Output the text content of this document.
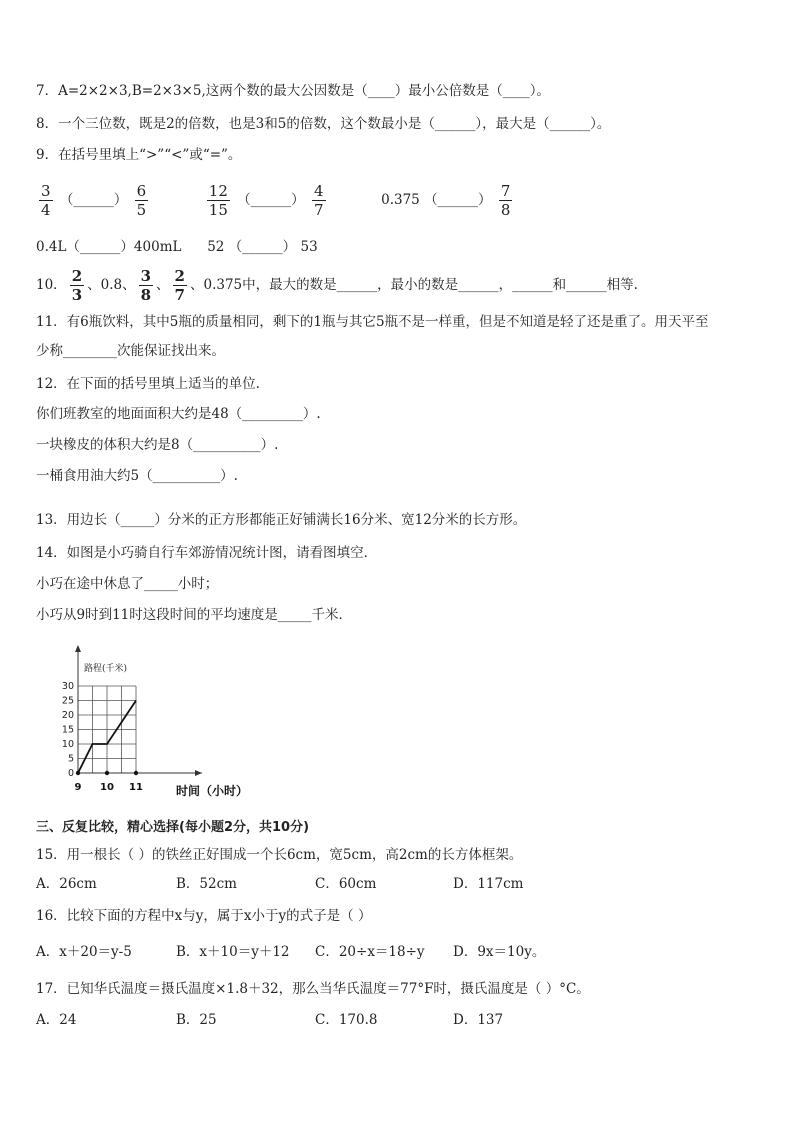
7．A=2×2×3,B=2×3×5,这两个数的最大公因数是（____）最小公倍数是（____）。
8．一个三位数，既是2的倍数，也是3和5的倍数，这个数最小是（______），最大是（______）。
9．在括号里填上“>”“<”或“=”。
$\frac{3}{4}$ （______） $\frac{6}{5}$
	$\frac{12}{15}$ （______） $\frac{4}{7}$	0.375 （______） $\frac{7}{8}$
0.4L（______）400mL      52 （______） 53
10． $\frac{2}{3}$ 、0.8、 $\frac{3}{8}$ 、 $\frac{2}{7}$ 、0.375中，最大的数是______，最小的数是______，______和______相等.
11．有6瓶饮料，其中5瓶的质量相同，剩下的1瓶与其它5瓶不是一样重，但是不知道是轻了还是重了。用天平至
少称________次能保证找出来。
12．在下面的括号里填上适当的单位.
你们班教室的地面面积大约是48（_________）.
一块橡皮的体积大约是8（__________）.
一桶食用油大约5（__________）.
13．用边长（_____）分米的正方形都能正好铺满长16分米、宽12分米的长方形。
14．如图是小巧骑自行车郊游情况统计图，请看图填空．
小巧在途中休息了_____小时；
小巧从9时到11时这段时间的平均速度是_____千米．
路程(千米)
30
25
20
15
10
5
0
9 10 11	时间（小时）
三、反复比较，精心选择(每小题2分，共10分)
15．用一根长（ ）的铁丝正好围成一个长6cm，宽5cm，高2cm的长方体框架。
A．26cm	B．52cm	C．60cm	D．117cm
16．比较下面的方程中x与y，属于x小于y的式子是（ ）
A．x＋20＝y-5	B．x＋10＝y＋12 C．20÷x＝18÷y D．9x＝10y。
17．已知华氏温度＝摄氏温度×1.8＋32，那么当华氏温度＝77°F时，摄氏温度是（ ）°C。
A．24	B．25	C．170.8	D．137
